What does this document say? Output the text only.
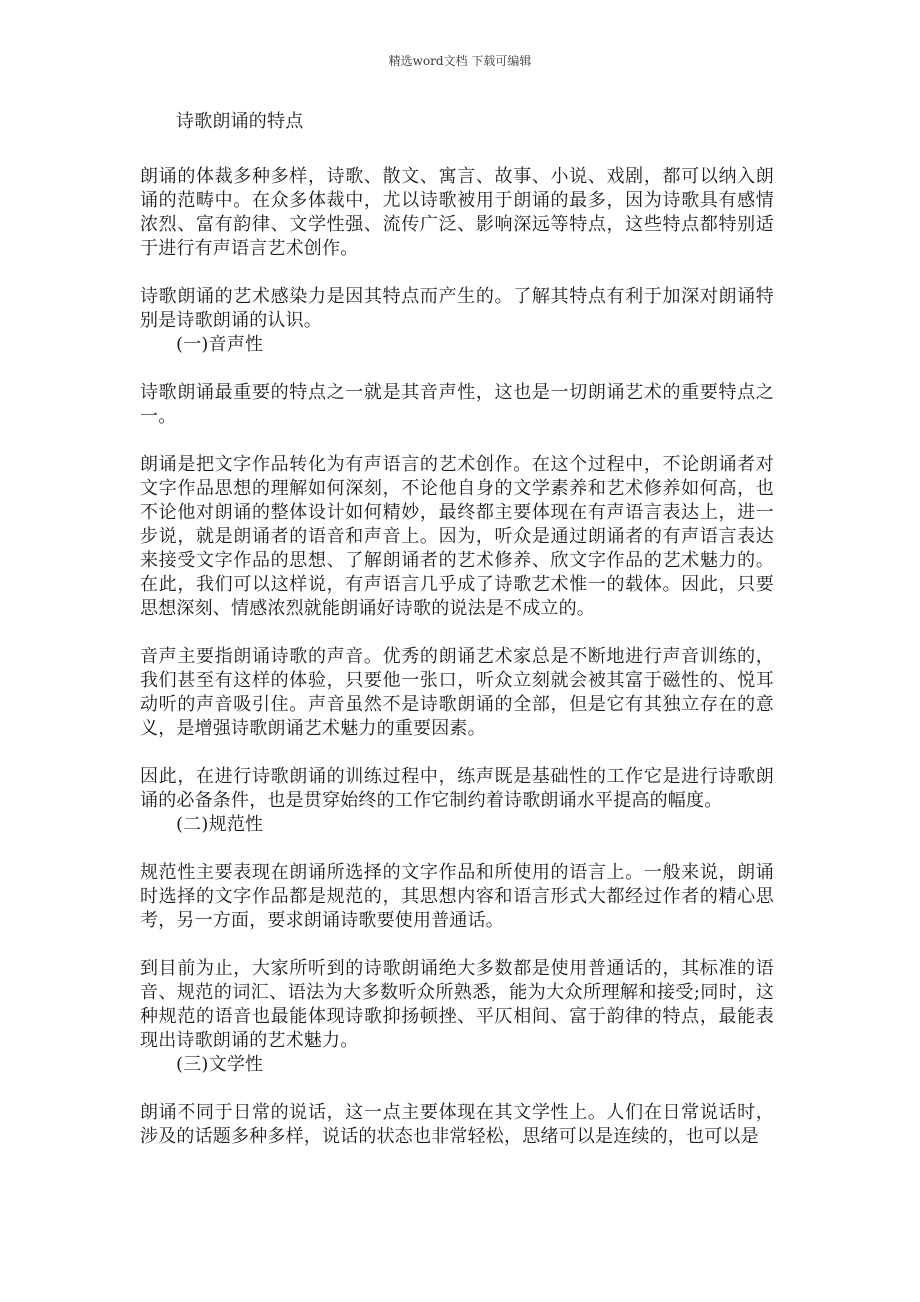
精选word文档 下载可编辑
诗歌朗诵的特点

朗诵的体裁多种多样，诗歌、散文、寓言、故事、小说、戏剧，都可以纳入朗诵的范畴中。在众多体裁中，尤以诗歌被用于朗诵的最多，因为诗歌具有感情浓烈、富有韵律、文学性强、流传广泛、影响深远等特点，这些特点都特别适于进行有声语言艺术创作。

诗歌朗诵的艺术感染力是因其特点而产生的。了解其特点有利于加深对朗诵特别是诗歌朗诵的认识。

(一)音声性

诗歌朗诵最重要的特点之一就是其音声性，这也是一切朗诵艺术的重要特点之一。

朗诵是把文字作品转化为有声语言的艺术创作。在这个过程中，不论朗诵者对文字作品思想的理解如何深刻，不论他自身的文学素养和艺术修养如何高，也不论他对朗诵的整体设计如何精妙，最终都主要体现在有声语言表达上，进一步说，就是朗诵者的语音和声音上。因为，听众是通过朗诵者的有声语言表达来接受文字作品的思想、了解朗诵者的艺术修养、欣文字作品的艺术魅力的。在此，我们可以这样说，有声语言几乎成了诗歌艺术惟一的载体。因此，只要思想深刻、情感浓烈就能朗诵好诗歌的说法是不成立的。

音声主要指朗诵诗歌的声音。优秀的朗诵艺术家总是不断地进行声音训练的，我们甚至有这样的体验，只要他一张口，听众立刻就会被其富于磁性的、悦耳动听的声音吸引住。声音虽然不是诗歌朗诵的全部，但是它有其独立存在的意义，是增强诗歌朗诵艺术魅力的重要因素。

因此，在进行诗歌朗诵的训练过程中，练声既是基础性的工作它是进行诗歌朗诵的必备条件，也是贯穿始终的工作它制约着诗歌朗诵水平提高的幅度。

(二)规范性

规范性主要表现在朗诵所选择的文字作品和所使用的语言上。一般来说，朗诵时选择的文字作品都是规范的，其思想内容和语言形式大都经过作者的精心思考，另一方面，要求朗诵诗歌要使用普通话。

到目前为止，大家所听到的诗歌朗诵绝大多数都是使用普通话的，其标准的语音、规范的词汇、语法为大多数听众所熟悉，能为大众所理解和接受;同时，这种规范的语音也最能体现诗歌抑扬顿挫、平仄相间、富于韵律的特点，最能表现出诗歌朗诵的艺术魅力。

(三)文学性

朗诵不同于日常的说话，这一点主要体现在其文学性上。人们在日常说话时，涉及的话题多种多样，说话的状态也非常轻松，思绪可以是连续的，也可以是
